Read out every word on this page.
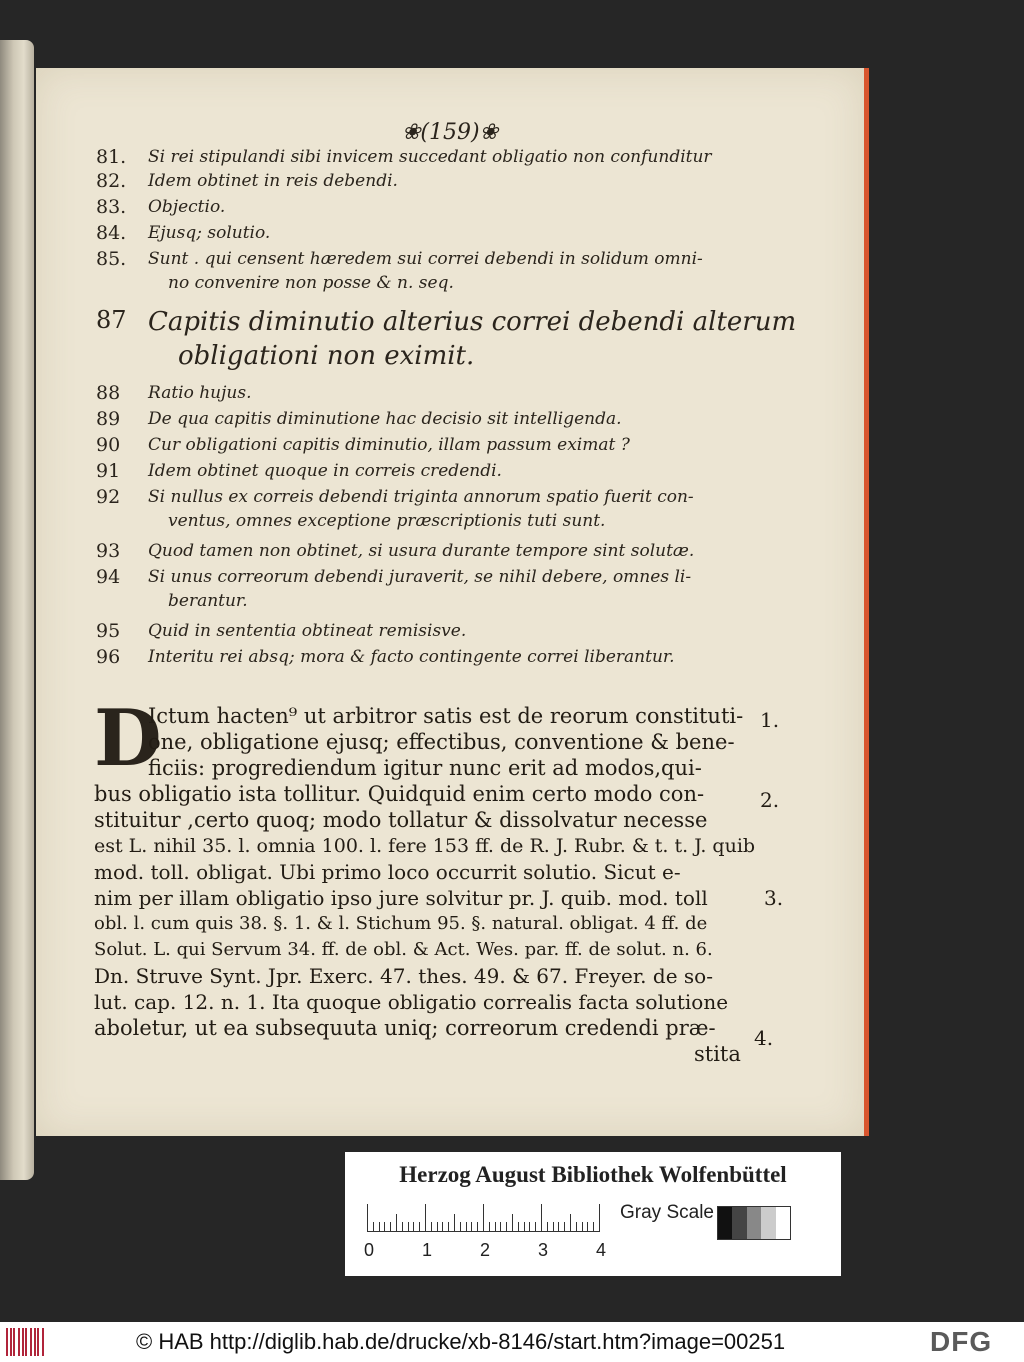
❀(159)❀
81.	Si rei stipulandi sibi invicem succedant obligatio non confunditur
82.	Idem obtinet in reis debendi.
83.	Objectio.
84.	Ejusq; solutio.
85.	Sunt . qui censent hæredem sui correi debendi in solidum omni-
no convenire non posse & n. seq.
87 Capitis diminutio alterius correi debendi alterum
obligationi non eximit.
88	Ratio hujus.
89	De qua capitis diminutione hac decisio sit intelligenda.
90	Cur obligationi capitis diminutio, illam passum eximat ?
91	Idem obtinet quoque in correis credendi.
92	Si nullus ex correis debendi triginta annorum spatio fuerit con-
ventus, omnes exceptione præscriptionis tuti sunt.
93	Quod tamen non obtinet, si usura durante tempore sint solutæ.
94	Si unus correorum debendi juraverit, se nihil debere, omnes li-
berantur.
95	Quid in sententia obtineat remisisve.
96	Interitu rei absq; mora & facto contingente correi liberantur.
D
Ictum hacten⁹ ut arbitror satis est de reorum constituti-
one, obligatione ejusq; effectibus, conventione & bene-
ficiis: progrediendum igitur nunc erit ad modos,qui-
bus obligatio ista tollitur. Quidquid enim certo modo con-
stituitur ,certo quoq; modo tollatur & dissolvatur necesse
est L. nihil 35. l. omnia 100. l. fere 153 ff. de R. J. Rubr. & t. t. J. quib
mod. toll. obligat. Ubi primo loco occurrit solutio. Sicut e-
nim per illam obligatio ipso jure solvitur pr. J. quib. mod. toll
obl. l. cum quis 38. §. 1. & l. Stichum 95. §. natural. obligat. 4 ff. de
Solut. L. qui Servum 34. ff. de obl. & Act. Wes. par. ff. de solut. n. 6.
Dn. Struve Synt. Jpr. Exerc. 47. thes. 49. & 67. Freyer. de so-
lut. cap. 12. n. 1. Ita quoque obligatio correalis facta solutione
aboletur, ut ea subsequuta uniq; correorum credendi præ-
stita
1.
2.
3.
4.
Herzog August Bibliothek Wolfenbüttel
0	1	2	3	4
Gray Scale
© HAB http://diglib.hab.de/drucke/xb-8146/start.htm?image=00251	DFG
